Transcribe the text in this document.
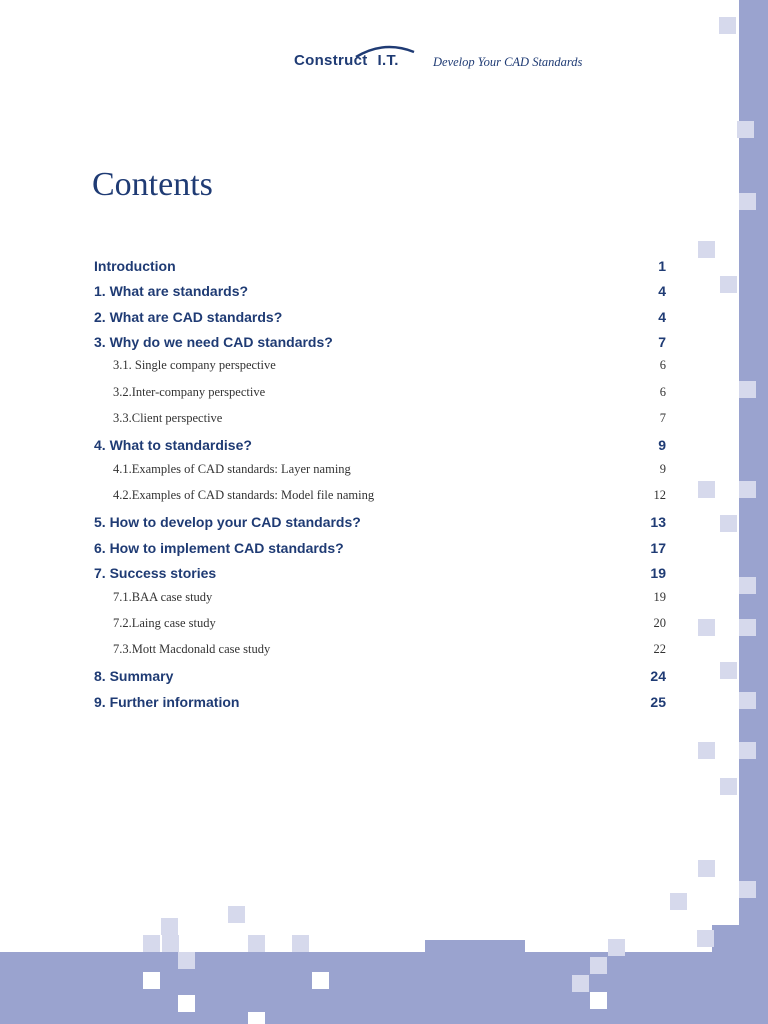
Construct I.T.	Develop Your CAD Standards
Contents
Introduction	1
1. What are standards?	4
2. What are CAD standards?	4
3. Why do we need CAD standards?	7
3.1. Single company perspective	6
3.2.Inter-company perspective	6
3.3.Client perspective	7
4. What to standardise?	9
4.1.Examples of CAD standards: Layer naming	9
4.2.Examples of CAD standards: Model file naming	12
5. How to develop your CAD standards?	13
6. How to implement CAD standards?	17
7. Success stories	19
7.1.BAA case study	19
7.2.Laing case study	20
7.3.Mott Macdonald case study	22
8. Summary	24
9. Further information	25
